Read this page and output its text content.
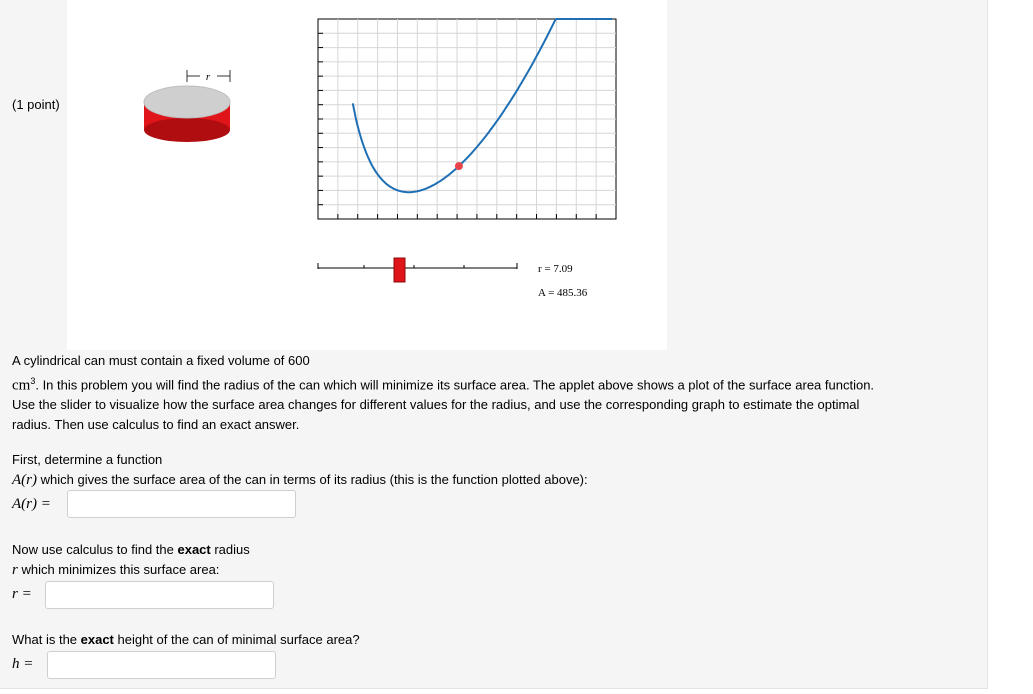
(1 point)
r
r = 7.09
A = 485.36
A cylindrical can must contain a fixed volume of 600
$cm^3$. In this problem you will find the radius of the can which will minimize its surface area. The applet above shows a plot of the surface area function.
Use the slider to visualize how the surface area changes for different values for the radius, and use the corresponding graph to estimate the optimal
radius. Then use calculus to find an exact answer.
First, determine a function
A(r) which gives the surface area of the can in terms of its radius (this is the function plotted above):
A(r) =
Now use calculus to find the exact radius
r which minimizes this surface area:
r =
What is the exact height of the can of minimal surface area?
h =
